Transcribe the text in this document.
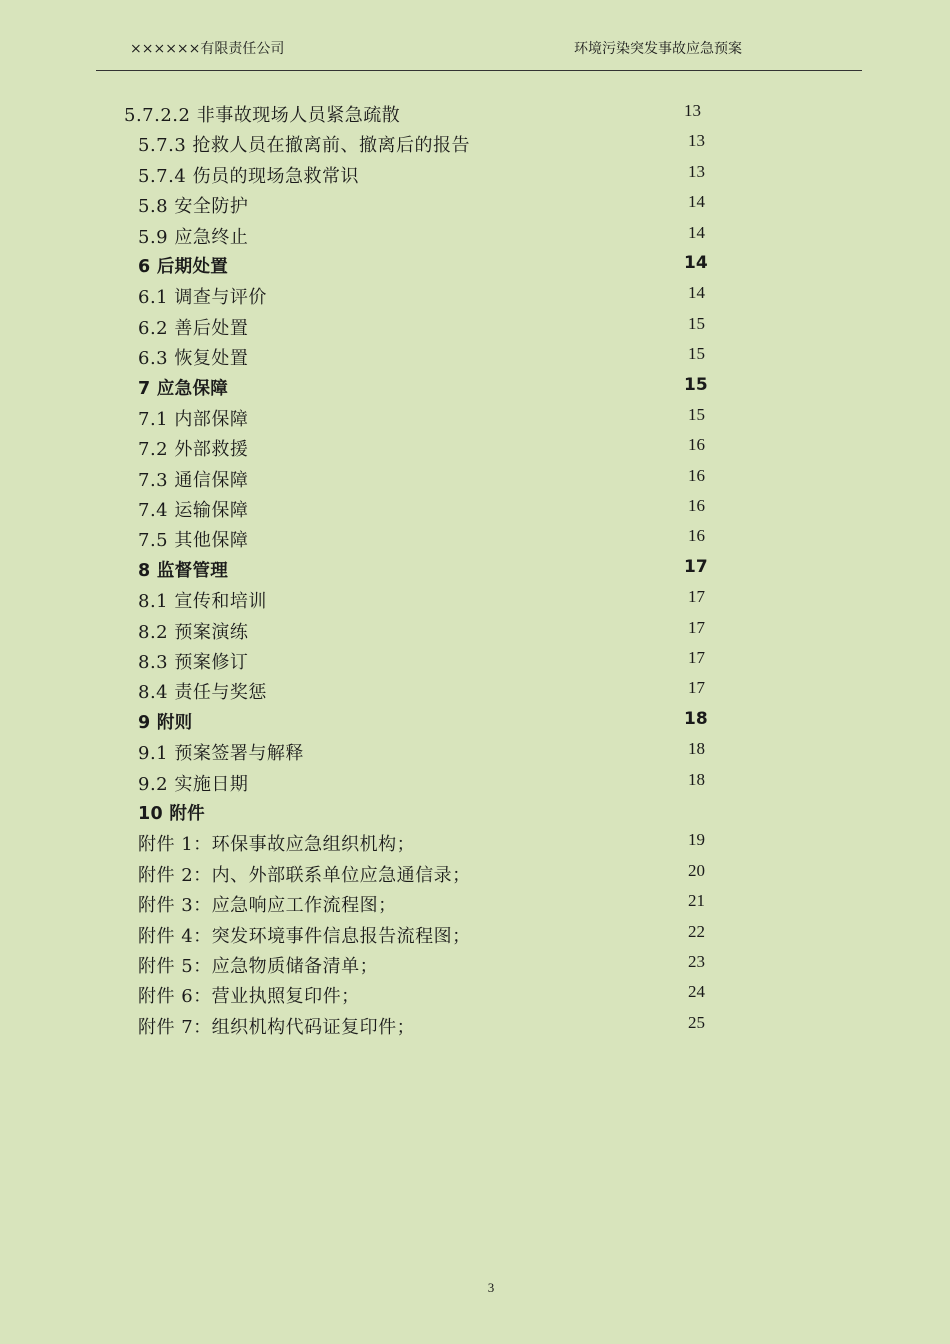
××××××有限责任公司	环境污染突发事故应急预案
5.7.2.2 非事故现场人员紧急疏散	13
5.7.3 抢救人员在撤离前、撤离后的报告	13
5.7.4 伤员的现场急救常识	13
5.8 安全防护	14
5.9 应急终止	14
6 后期处置	14
6.1 调查与评价	14
6.2 善后处置	15
6.3 恢复处置	15
7 应急保障	15
7.1 内部保障	15
7.2 外部救援	16
7.3 通信保障	16
7.4 运输保障	16
7.5 其他保障	16
8 监督管理	17
8.1 宣传和培训	17
8.2 预案演练	17
8.3 预案修订	17
8.4 责任与奖惩	17
9 附则	18
9.1 预案签署与解释	18
9.2 实施日期	18
10 附件
附件 1：环保事故应急组织机构；	19
附件 2：内、外部联系单位应急通信录；	20
附件 3：应急响应工作流程图；	21
附件 4：突发环境事件信息报告流程图；	22
附件 5：应急物质储备清单；	23
附件 6：营业执照复印件；	24
附件 7：组织机构代码证复印件；	25
3
